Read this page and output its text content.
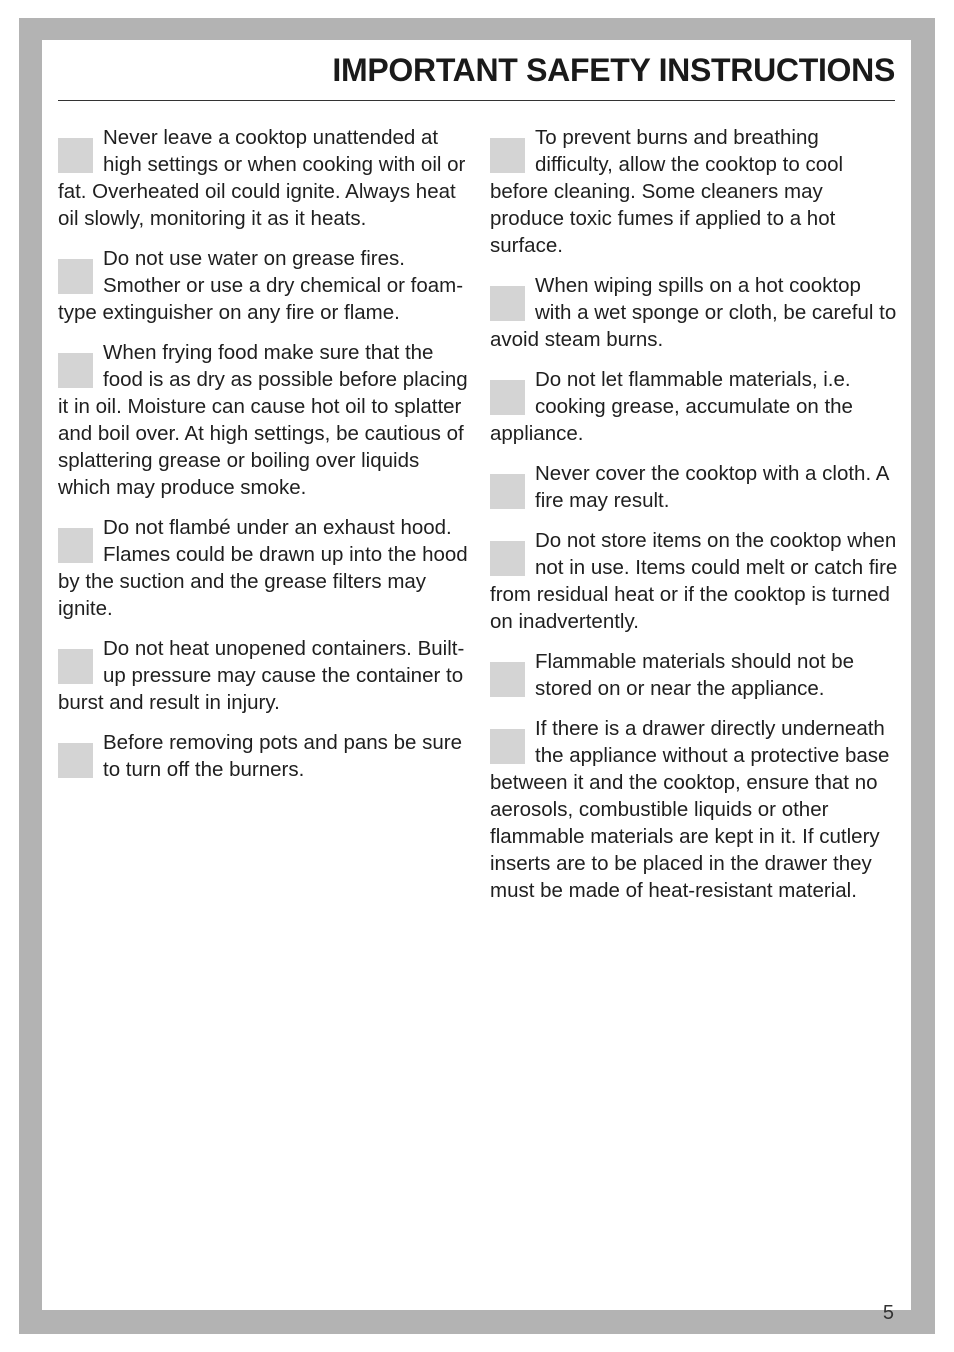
IMPORTANT SAFETY INSTRUCTIONS
Never leave a cooktop unattended at high settings or when cooking with oil or fat. Overheated oil could ignite. Always heat oil slowly, monitoring it as it heats.
Do not use water on grease fires. Smother or use a dry chemical or foam-type extinguisher on any fire or flame.
When frying food make sure that the food is as dry as possible before placing it in oil. Moisture can cause hot oil to splatter and boil over. At high settings, be cautious of splattering grease or boiling over liquids which may produce smoke.
Do not flambé under an exhaust hood. Flames could be drawn up into the hood by the suction and the grease filters may ignite.
Do not heat unopened containers. Built-up pressure may cause the container to burst and result in injury.
Before removing pots and pans be sure to turn off the burners.
To prevent burns and breathing difficulty, allow the cooktop to cool before cleaning. Some cleaners may produce toxic fumes if applied to a hot surface.
When wiping spills on a hot cooktop with a wet sponge or cloth, be careful to avoid steam burns.
Do not let flammable materials, i.e. cooking grease, accumulate on the appliance.
Never cover the cooktop with a cloth. A fire may result.
Do not store items on the cooktop when not in use. Items could melt or catch fire from residual heat or if the cooktop is turned on inadvertently.
Flammable materials should not be stored on or near the appliance.
If there is a drawer directly underneath the appliance without a protective base between it and the cooktop, ensure that no aerosols, combustible liquids or other flammable materials are kept in it. If cutlery inserts are to be placed in the drawer they must be made of heat-resistant material.
5
